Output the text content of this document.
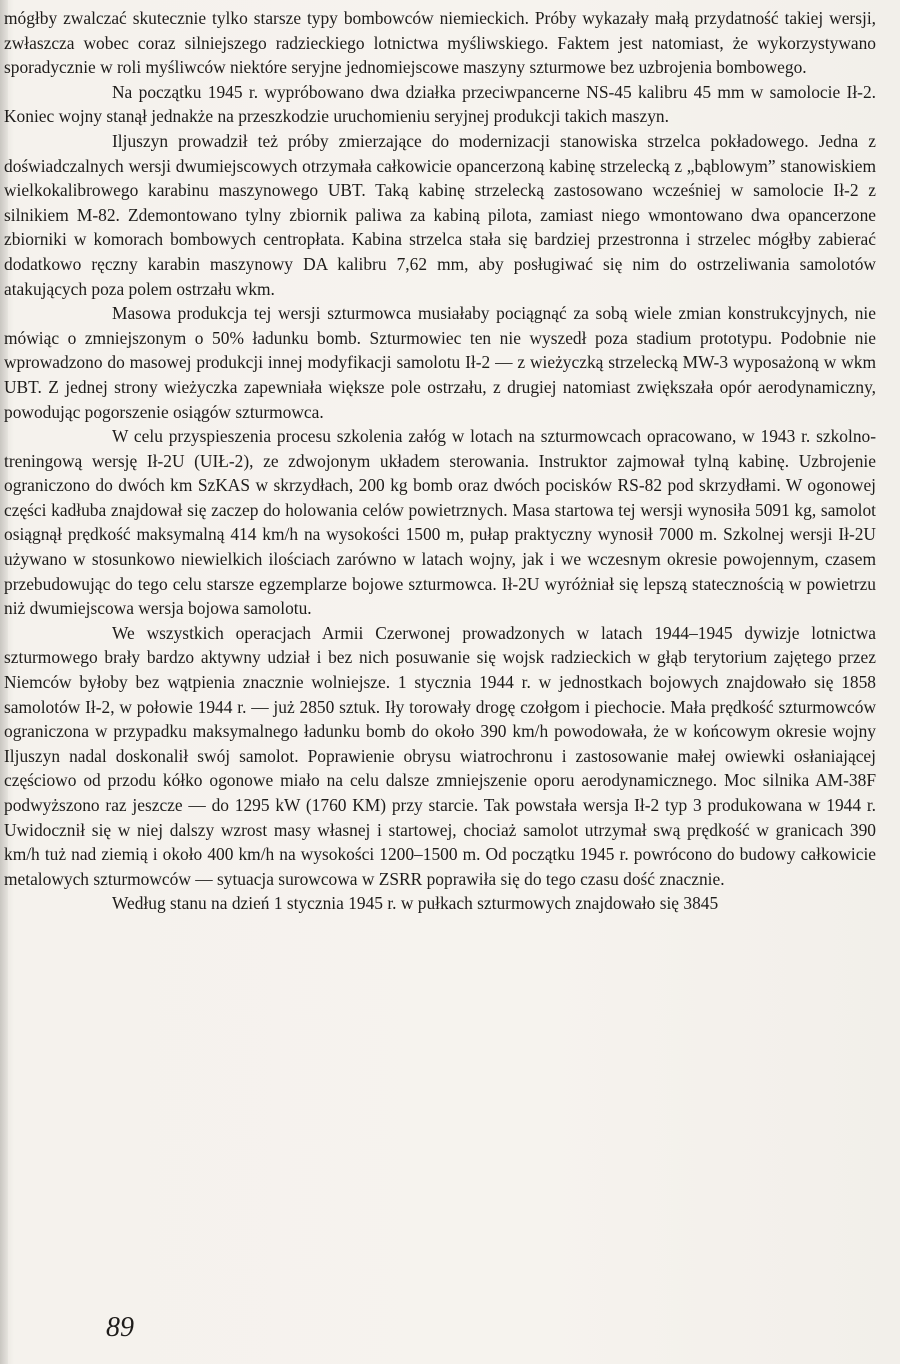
mógłby zwalczać skutecznie tylko starsze typy bombowców niemieckich. Próby wykazały małą przydatność takiej wersji, zwłaszcza wobec coraz silniejszego radzieckiego lotnictwa myśliwskiego. Faktem jest natomiast, że wykorzystywano sporadycznie w roli myśliwców niektóre seryjne jednomiejscowe maszyny szturmowe bez uzbrojenia bombowego.

Na początku 1945 r. wypróbowano dwa działka przeciwpancerne NS-45 kalibru 45 mm w samolocie Ił-2. Koniec wojny stanął jednakże na przeszkodzie uruchomieniu seryjnej produkcji takich maszyn.

Iljuszyn prowadził też próby zmierzające do modernizacji stanowiska strzelca pokładowego. Jedna z doświadczalnych wersji dwumiejscowych otrzymała całkowicie opancerzoną kabinę strzelecką z „bąblowym” stanowiskiem wielkokalibrowego karabinu maszynowego UBT. Taką kabinę strzelecką zastosowano wcześniej w samolocie Ił-2 z silnikiem M-82. Zdemontowano tylny zbiornik paliwa za kabiną pilota, zamiast niego wmontowano dwa opancerzone zbiorniki w komorach bombowych centropłata. Kabina strzelca stała się bardziej przestronna i strzelec mógłby zabierać dodatkowo ręczny karabin maszynowy DA kalibru 7,62 mm, aby posługiwać się nim do ostrzeliwania samolotów atakujących poza polem ostrzału wkm.

Masowa produkcja tej wersji szturmowca musiałaby pociągnąć za sobą wiele zmian konstrukcyjnych, nie mówiąc o zmniejszonym o 50% ładunku bomb. Szturmowiec ten nie wyszedł poza stadium prototypu. Podobnie nie wprowadzono do masowej produkcji innej modyfikacji samolotu Ił-2 — z wieżyczką strzelecką MW-3 wyposażoną w wkm UBT. Z jednej strony wieżyczka zapewniała większe pole ostrzału, z drugiej natomiast zwiększała opór aerodynamiczny, powodując pogorszenie osiągów szturmowca.

W celu przyspieszenia procesu szkolenia załóg w lotach na szturmowcach opracowano, w 1943 r. szkolno-treningową wersję Ił-2U (UIŁ-2), ze zdwojonym układem sterowania. Instruktor zajmował tylną kabinę. Uzbrojenie ograniczono do dwóch km SzKAS w skrzydłach, 200 kg bomb oraz dwóch pocisków RS-82 pod skrzydłami. W ogonowej części kadłuba znajdował się zaczep do holowania celów powietrznych. Masa startowa tej wersji wynosiła 5091 kg, samolot osiągnął prędkość maksymalną 414 km/h na wysokości 1500 m, pułap praktyczny wynosił 7000 m. Szkolnej wersji Ił-2U używano w stosunkowo niewielkich ilościach zarówno w latach wojny, jak i we wczesnym okresie powojennym, czasem przebudowując do tego celu starsze egzemplarze bojowe szturmowca. Ił-2U wyróżniał się lepszą statecznością w powietrzu niż dwumiejscowa wersja bojowa samolotu.

We wszystkich operacjach Armii Czerwonej prowadzonych w latach 1944–1945 dywizje lotnictwa szturmowego brały bardzo aktywny udział i bez nich posuwanie się wojsk radzieckich w głąb terytorium zajętego przez Niemców byłoby bez wątpienia znacznie wolniejsze. 1 stycznia 1944 r. w jednostkach bojowych znajdowało się 1858 samolotów Ił-2, w połowie 1944 r. — już 2850 sztuk. Iły torowały drogę czołgom i piechocie. Mała prędkość szturmowców ograniczona w przypadku maksymalnego ładunku bomb do około 390 km/h powodowała, że w końcowym okresie wojny Iljuszyn nadal doskonalił swój samolot. Poprawienie obrysu wiatrochronu i zastosowanie małej owiewki osłaniającej częściowo od przodu kółko ogonowe miało na celu dalsze zmniejszenie oporu aerodynamicznego. Moc silnika AM-38F podwyższono raz jeszcze — do 1295 kW (1760 KM) przy starcie. Tak powstała wersja Ił-2 typ 3 produkowana w 1944 r. Uwidocznił się w niej dalszy wzrost masy własnej i startowej, chociaż samolot utrzymał swą prędkość w granicach 390 km/h tuż nad ziemią i około 400 km/h na wysokości 1200–1500 m. Od początku 1945 r. powrócono do budowy całkowicie metalowych szturmowców — sytuacja surowcowa w ZSRR poprawiła się do tego czasu dość znacznie.

Według stanu na dzień 1 stycznia 1945 r. w pułkach szturmowych znajdowało się 3845

89
